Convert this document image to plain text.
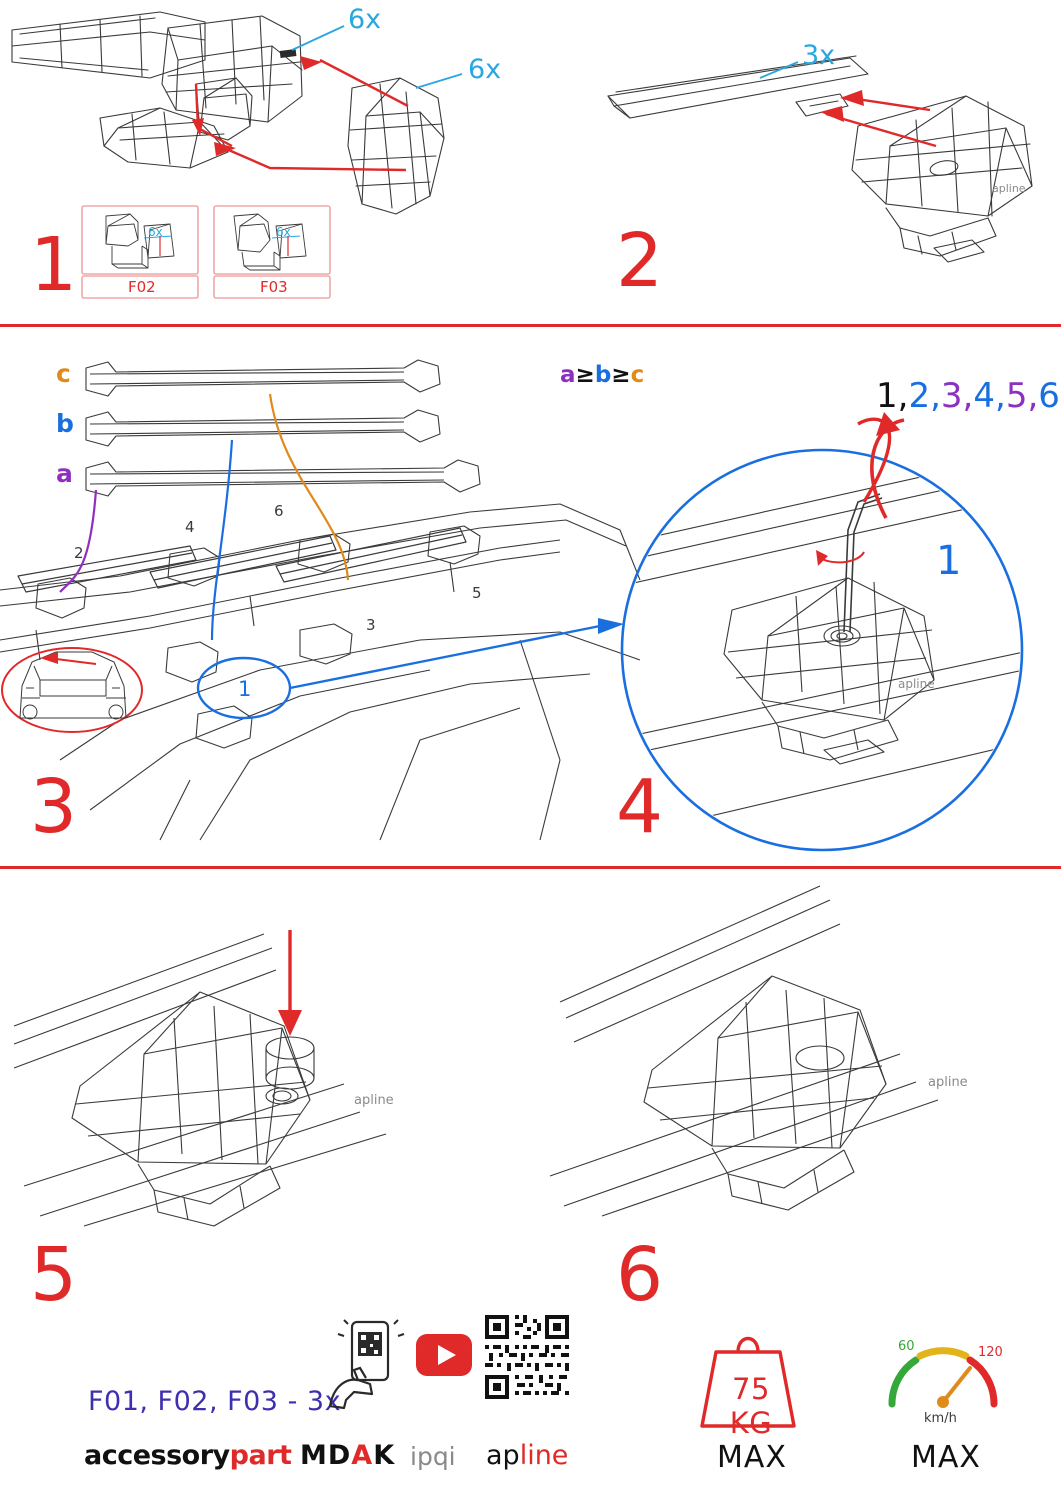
6x
6x
6x	6x
F02	F03
1
apline
3x
2
c
b
a
2
4
6
3
5
1
a≥b≥c
3
apline
1,2,3,4,5,6
4
1
apline
apline
5	6
F01, F02, F03 - 3x
accessorypart MDAK ipqi apline
75 KG
MAX
60	120
km/h
MAX
